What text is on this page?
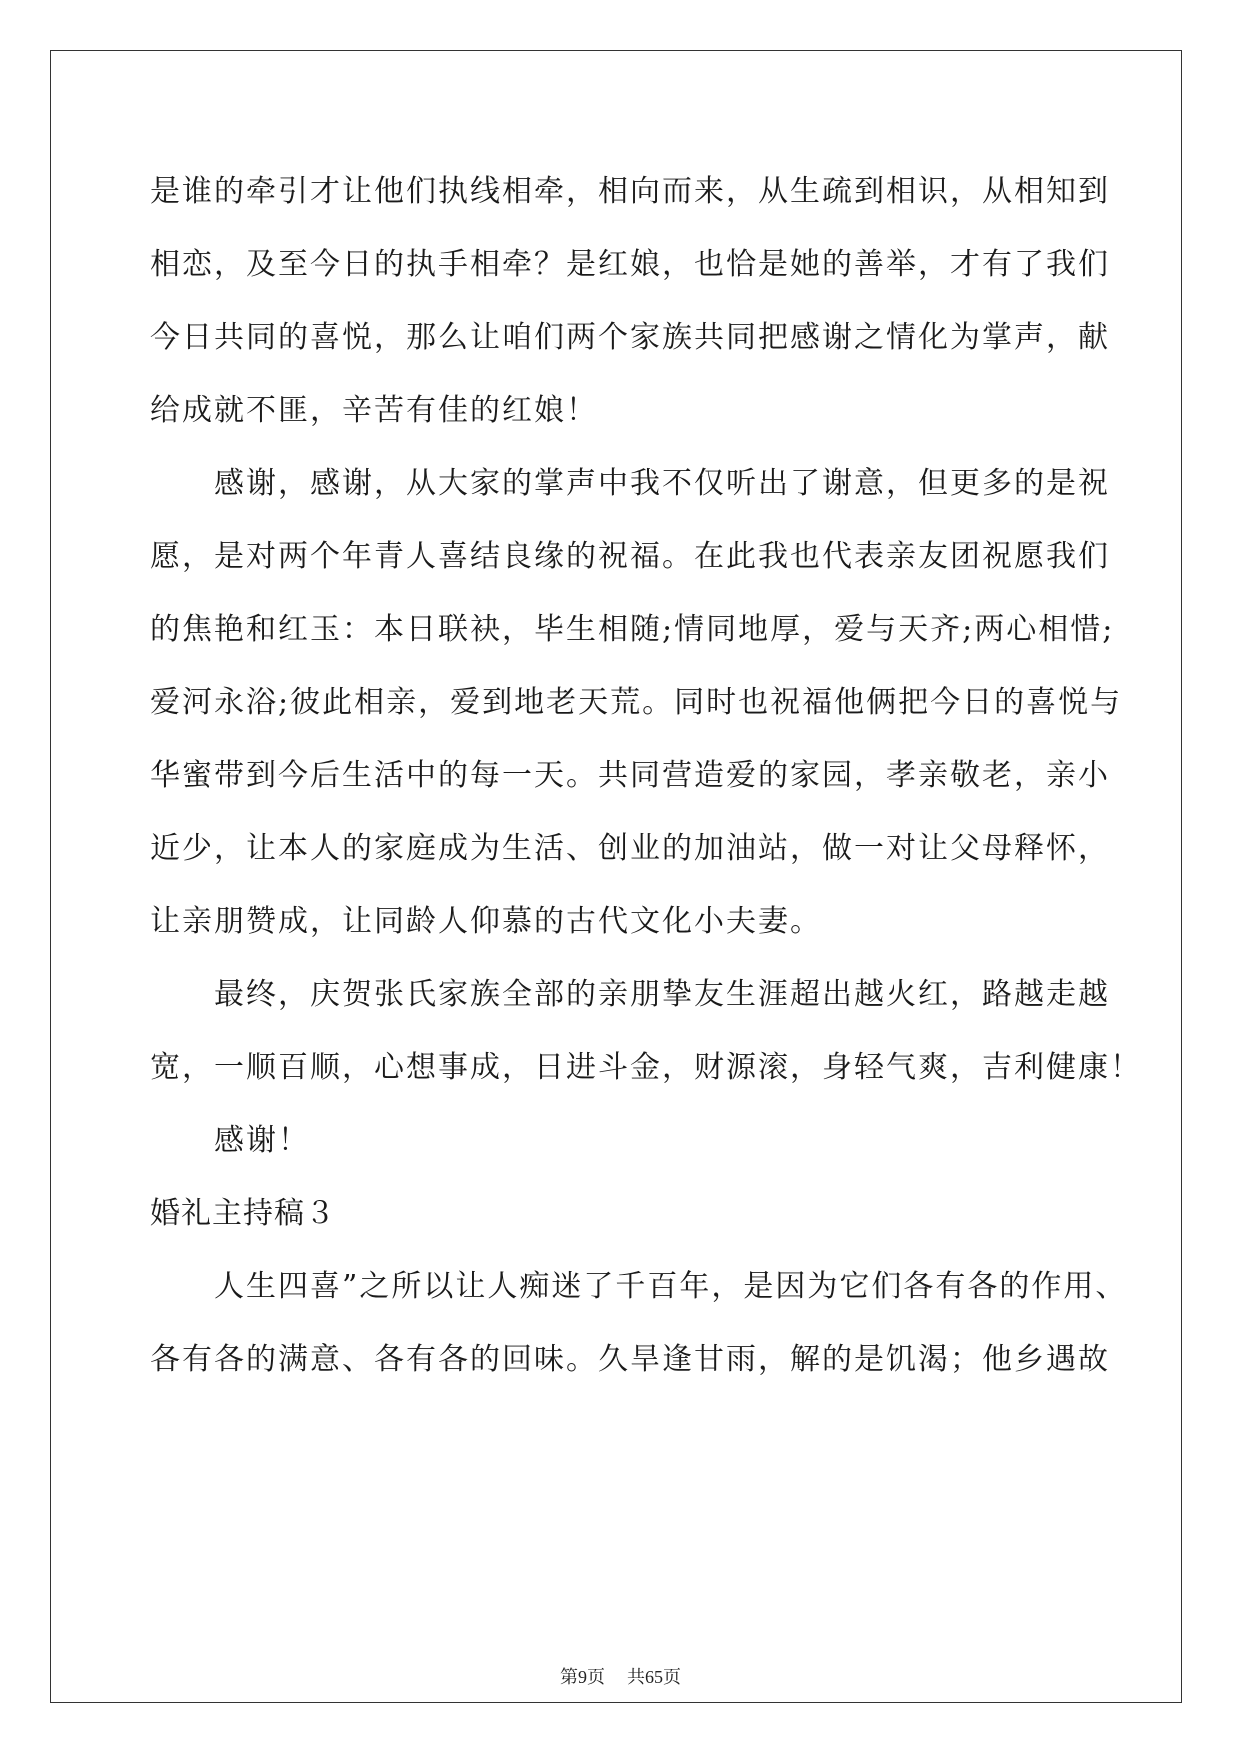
是谁的牵引才让他们执线相牵，相向而来，从生疏到相识，从相知到
相恋，及至今日的执手相牵？是红娘，也恰是她的善举，才有了我们
今日共同的喜悦，那么让咱们两个家族共同把感谢之情化为掌声，献
给成就不匪，辛苦有佳的红娘！
感谢，感谢，从大家的掌声中我不仅听出了谢意，但更多的是祝
愿，是对两个年青人喜结良缘的祝福。在此我也代表亲友团祝愿我们
的焦艳和红玉：本日联袂，毕生相随;情同地厚，爱与天齐;两心相惜;
爱河永浴;彼此相亲，爱到地老天荒。同时也祝福他俩把今日的喜悦与
华蜜带到今后生活中的每一天。共同营造爱的家园，孝亲敬老，亲小
近少，让本人的家庭成为生活、创业的加油站，做一对让父母释怀，
让亲朋赞成，让同龄人仰慕的古代文化小夫妻。
最终，庆贺张氏家族全部的亲朋挚友生涯超出越火红，路越走越
宽，一顺百顺，心想事成，日进斗金，财源滚，身轻气爽，吉利健康！
感谢！
婚礼主持稿３
人生四喜”之所以让人痴迷了千百年，是因为它们各有各的作用、
各有各的满意、各有各的回味。久旱逢甘雨，解的是饥渴；他乡遇故
第9页 共65页
